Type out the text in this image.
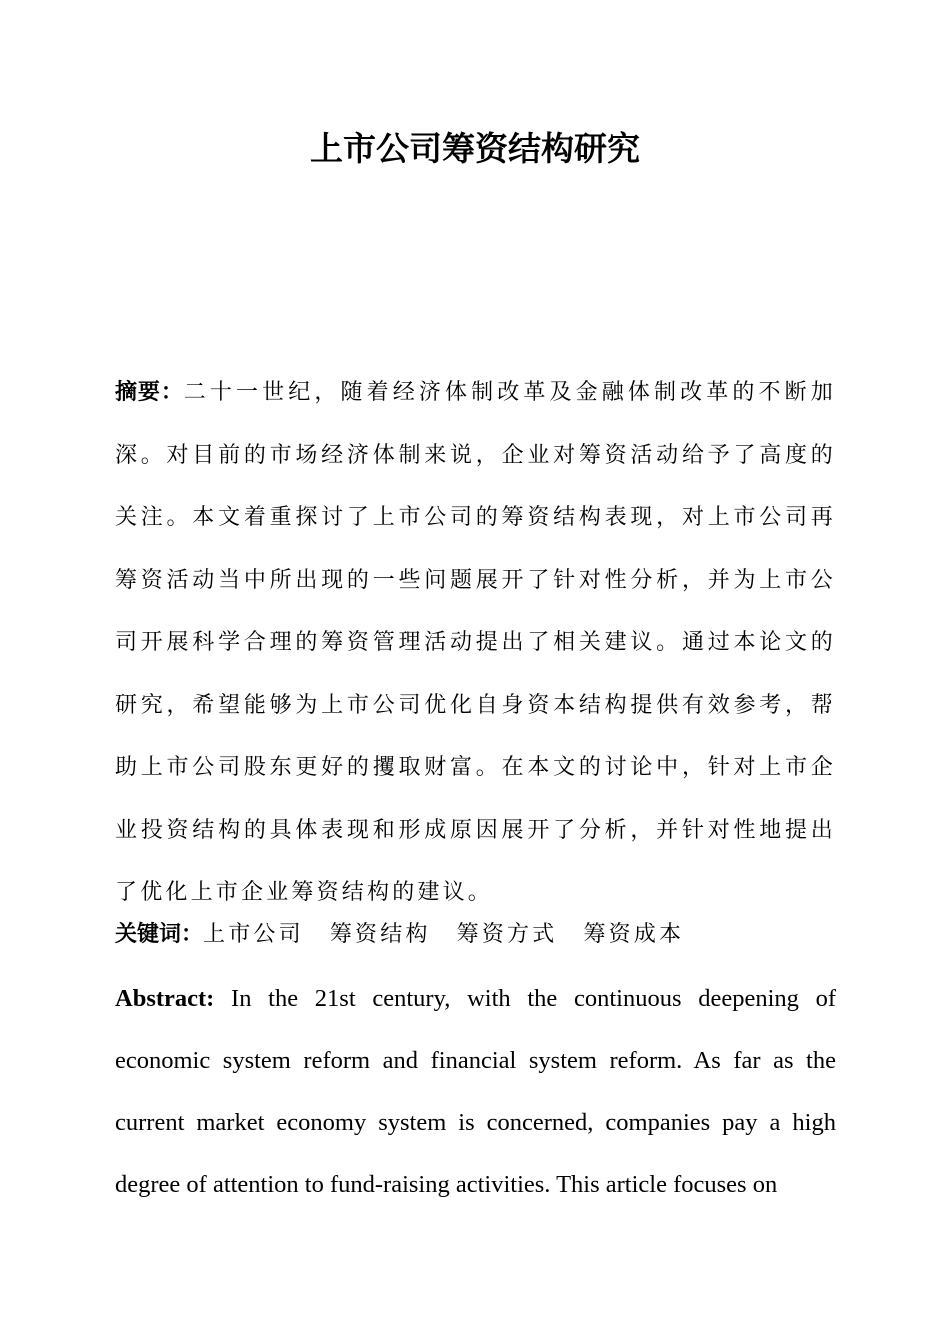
上市公司筹资结构研究
摘要：二十一世纪，随着经济体制改革及金融体制改革的不断加深。对目前的市场经济体制来说，企业对筹资活动给予了高度的关注。本文着重探讨了上市公司的筹资结构表现，对上市公司再筹资活动当中所出现的一些问题展开了针对性分析，并为上市公司开展科学合理的筹资管理活动提出了相关建议。通过本论文的研究，希望能够为上市公司优化自身资本结构提供有效参考，帮助上市公司股东更好的攫取财富。在本文的讨论中，针对上市企业投资结构的具体表现和形成原因展开了分析，并针对性地提出了优化上市企业筹资结构的建议。
关键词：上市公司 筹资结构 筹资方式 筹资成本
Abstract: In the 21st century, with the continuous deepening of economic system reform and financial system reform. As far as the current market economy system is concerned, companies pay a high degree of attention to fund-raising activities. This article focuses on
